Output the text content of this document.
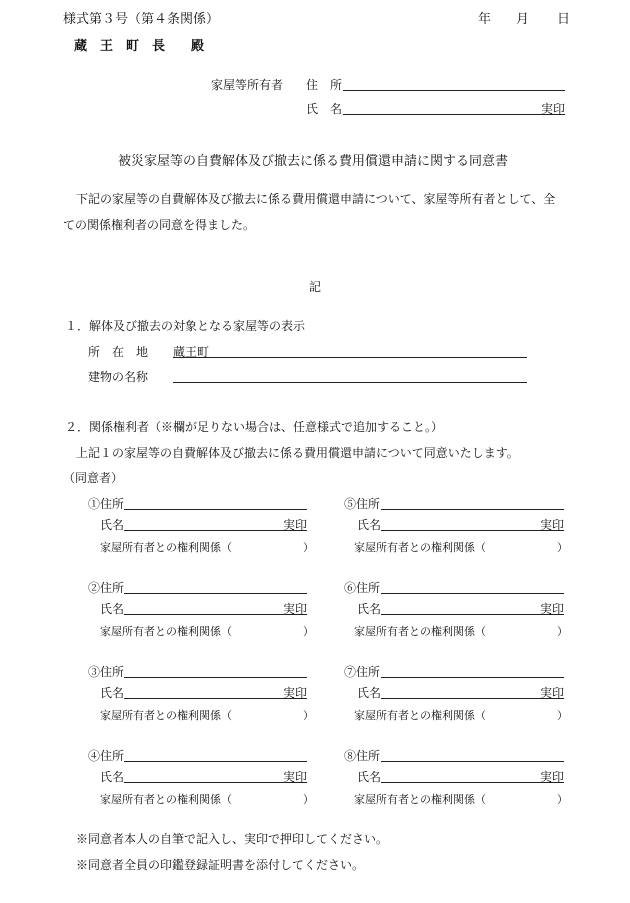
様式第３号（第４条関係）	年 月 日
蔵　王　町　長　　殿
家屋等所有者 住　所
氏　名	実印
被災家屋等の自費解体及び撤去に係る費用償還申請に関する同意書
下記の家屋等の自費解体及び撤去に係る費用償還申請について、家屋等所有者として、全
ての関係権利者の同意を得ました。
記
１．解体及び撤去の対象となる家屋等の表示
所　在　地 蔵王町
建物の名称
２．関係権利者（※欄が足りない場合は、任意様式で追加すること。）
上記１の家屋等の自費解体及び撤去に係る費用償還申請について同意いたします。
（同意者）
①住所
氏名	実印
家屋所有者との権利関係（	）
②住所
氏名	実印
家屋所有者との権利関係（	）
③住所
氏名	実印
家屋所有者との権利関係（	）
④住所
氏名	実印
家屋所有者との権利関係（	）
⑤住所
氏名	実印
家屋所有者との権利関係（	）
⑥住所
氏名	実印
家屋所有者との権利関係（	）
⑦住所
氏名	実印
家屋所有者との権利関係（	）
⑧住所
氏名	実印
家屋所有者との権利関係（	）
※同意者本人の自筆で記入し、実印で押印してください。
※同意者全員の印鑑登録証明書を添付してください。
